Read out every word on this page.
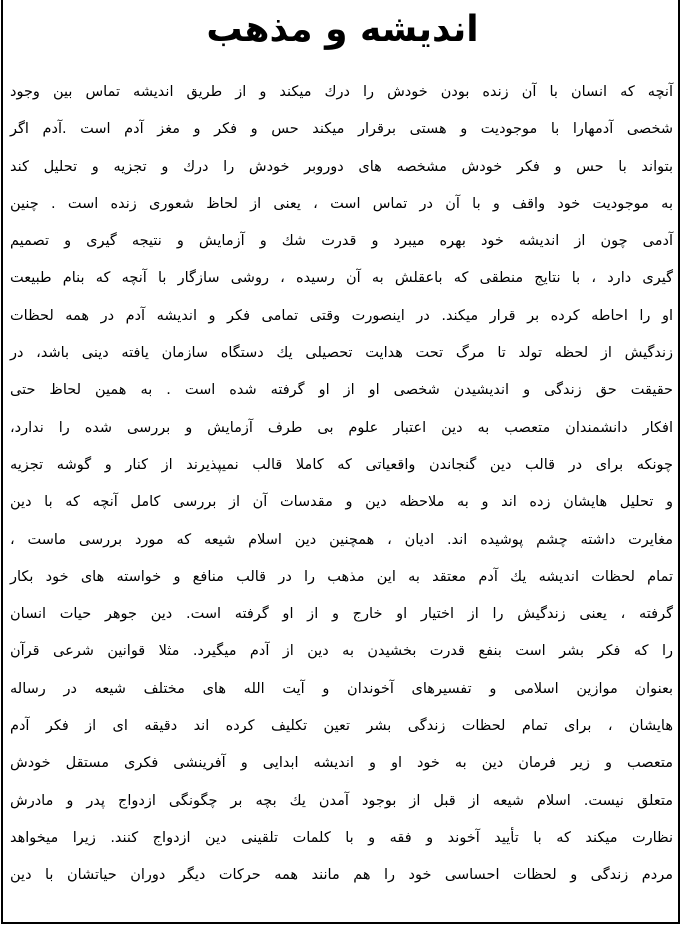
اندیشه و مذهب
آنچه که انسان با آن زنده بودن خودش را درك میکند و از طریق اندیشه تماس بین وجود
شخصی آدمهارا با موجودیت و هستی برقرار میکند حس و فکر و مغز آدم است .آدم اگر
بتواند با حس و فکر خودش مشخصه های دوروبر خودش را درك و تجزیه و تحلیل کند
به موجودیت خود واقف و با آن در تماس است ، یعنی از لحاظ شعوری زنده است . چنین
آدمی چون از اندیشه خود بهره میبرد و قدرت شك و آزمایش و نتیجه گیری و تصمیم
گیری دارد ، با نتایج منطقی که باعقلش به آن رسیده ، روشی سازگار با آنچه که بنام طبیعت
او را احاطه کرده بر قرار میکند. در اینصورت وقتی تمامی فکر و اندیشه آدم در همه لحظات
زندگیش از لحظه تولد تا مرگ تحت هدایت تحصیلی یك دستگاه سازمان یافته دینی باشد، در
حقیقت حق زندگی و اندیشیدن شخصی او از او گرفته شده است . به همین لحاظ حتی
افکار دانشمندان متعصب به دین اعتبار علوم بی طرف آزمایش و بررسی شده را ندارد،
چونکه برای در قالب دین گنجاندن واقعیاتی که کاملا قالب نمیپذیرند از کنار و گوشه تجزیه
و تحلیل هایشان زده اند و به ملاحظه دین و مقدسات آن از بررسی کامل آنچه که با دین
مغایرت داشته چشم پوشیده اند. ادیان ، همچنین دین اسلام شیعه که مورد بررسی ماست ،
تمام لحظات اندیشه یك آدم معتقد به این مذهب را در قالب منافع و خواسته های خود بکار
گرفته ، یعنی زندگیش را از اختیار او خارج و از او گرفته است. دین جوهر حیات انسان
را که فکر بشر است بنفع قدرت بخشیدن به دین از آدم میگیرد. مثلا قوانین شرعی قرآن
بعنوان موازین اسلامی و تفسیرهای آخوندان و آیت الله های مختلف شیعه در رساله
هایشان ، برای تمام لحظات زندگی بشر تعین تکلیف کرده اند دقیقه ای از فکر آدم
متعصب و زیر فرمان دین به خود او و اندیشه ابدایی و آفرینشی فکری مستقل خودش
متعلق نیست. اسلام شیعه از قبل از بوجود آمدن یك بچه بر چگونگی ازدواج پدر و مادرش
نظارت میکند که با تأیید آخوند و فقه و با کلمات تلقینی دین ازدواج کنند. زیرا میخواهد
مردم زندگی و لحظات احساسی خود را هم مانند همه حرکات دیگر دوران حیاتشان با دین
